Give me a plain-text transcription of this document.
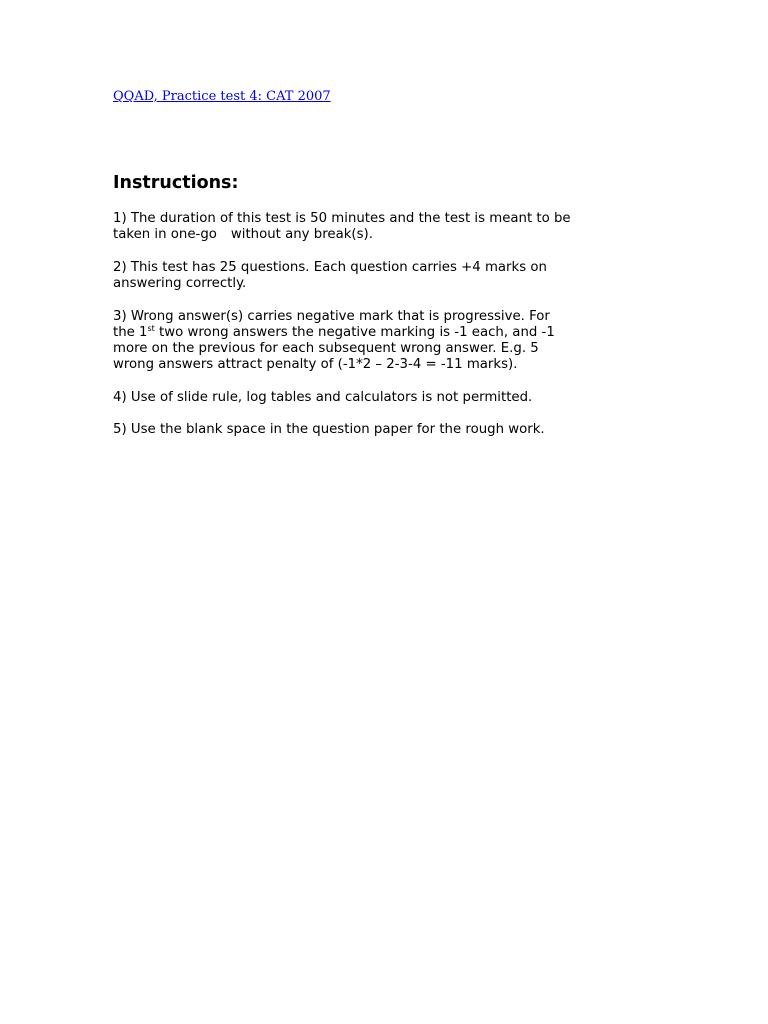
QQAD, Practice test 4: CAT 2007
Instructions:

1) The duration of this test is 50 minutes and the test is meant to be
taken in one-go without any break(s).

2) This test has 25 questions. Each question carries +4 marks on
answering correctly.

3) Wrong answer(s) carries negative mark that is progressive. For
the 1st two wrong answers the negative marking is -1 each, and -1
more on the previous for each subsequent wrong answer. E.g. 5
wrong answers attract penalty of (-1*2 – 2-3-4 = -11 marks).

4) Use of slide rule, log tables and calculators is not permitted.

5) Use the blank space in the question paper for the rough work.
